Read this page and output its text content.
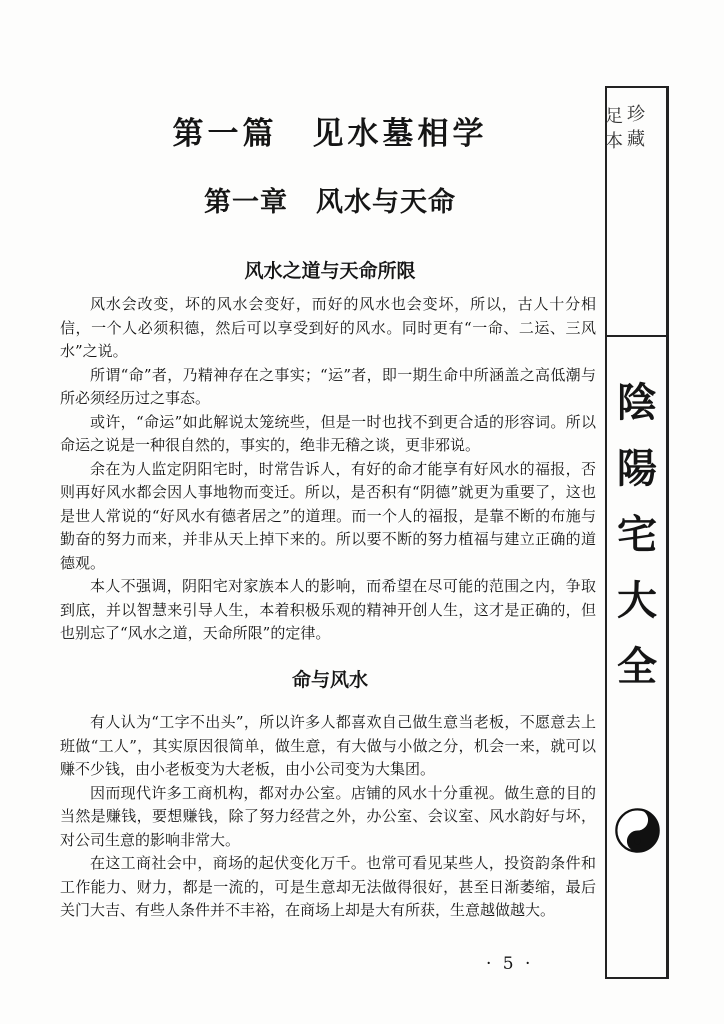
第一篇　见水墓相学
第一章　风水与天命
风水之道与天命所限

风水会改变，坏的风水会变好，而好的风水也会变坏，所以，古人十分相信，一个人必须积德，然后可以享受到好的风水。同时更有“一命、二运、三风水”之说。

所谓“命”者，乃精神存在之事实；“运”者，即一期生命中所涵盖之高低潮与所必须经历过之事态。

或许，“命运”如此解说太笼统些，但是一时也找不到更合适的形容词。所以命运之说是一种很自然的，事实的，绝非无稽之谈，更非邪说。

余在为人监定阴阳宅时，时常告诉人，有好的命才能享有好风水的福报，否则再好风水都会因人事地物而变迁。所以，是否积有“阴德”就更为重要了，这也是世人常说的“好风水有德者居之”的道理。而一个人的福报，是靠不断的布施与勤奋的努力而来，并非从天上掉下来的。所以要不断的努力植福与建立正确的道德观。

本人不强调，阴阳宅对家族本人的影响，而希望在尽可能的范围之内，争取到底，并以智慧来引导人生，本着积极乐观的精神开创人生，这才是正确的，但也别忘了“风水之道，天命所限”的定律。

命与风水

有人认为“工字不出头”，所以许多人都喜欢自己做生意当老板，不愿意去上班做“工人”，其实原因很简单，做生意，有大做与小做之分，机会一来，就可以赚不少钱，由小老板变为大老板，由小公司变为大集团。

因而现代许多工商机构，都对办公室。店铺的风水十分重视。做生意的目的当然是赚钱，要想赚钱，除了努力经营之外，办公室、会议室、风水韵好与坏，对公司生意的影响非常大。

在这工商社会中，商场的起伏变化万千。也常可看见某些人，投资韵条件和工作能力、财力，都是一流的，可是生意却无法做得很好，甚至日渐萎缩，最后关门大吉、有些人条件并不丰裕，在商场上却是大有所获，生意越做越大。

· 5 ·
珍藏
足本
陰陽宅大全
